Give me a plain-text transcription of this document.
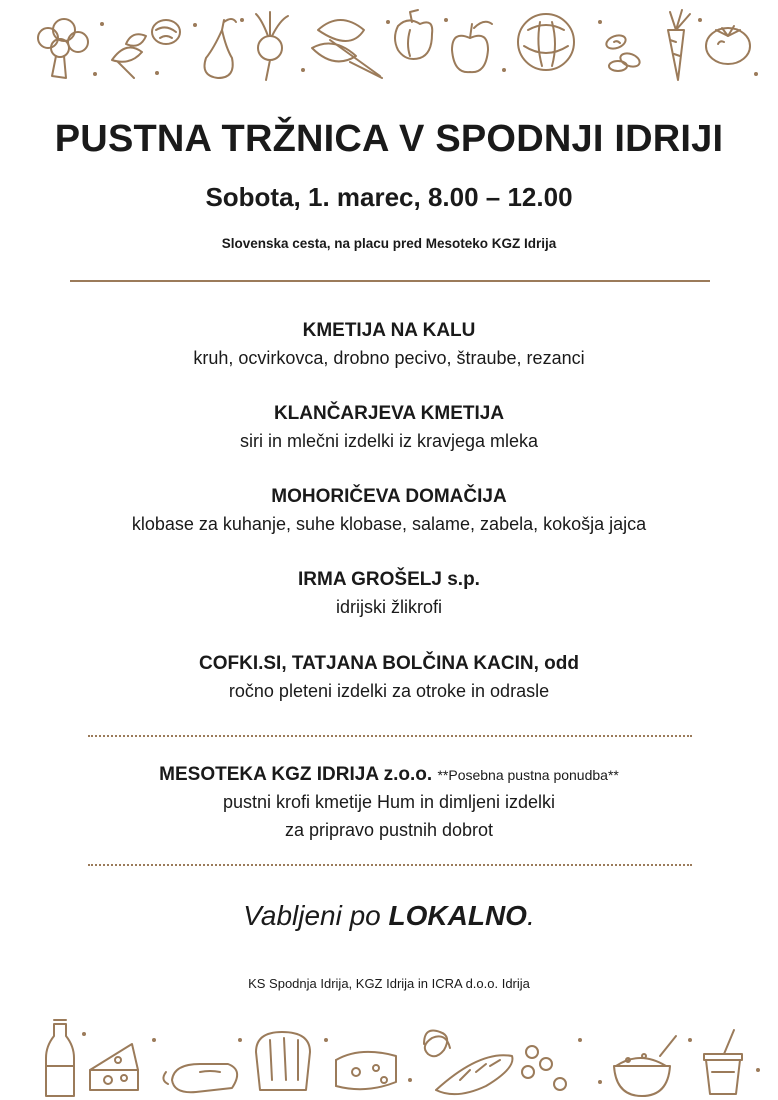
PUSTNA TRŽNICA V SPODNJI IDRIJI
Sobota, 1. marec, 8.00 – 12.00
Slovenska cesta, na placu pred Mesoteko KGZ Idrija
KMETIJA NA KALU
kruh, ocvirkovca, drobno pecivo, štraube, rezanci
KLANČARJEVA KMETIJA
siri in mlečni izdelki iz kravjega mleka
MOHORIČEVA DOMAČIJA
klobase za kuhanje, suhe klobase, salame, zabela, kokošja jajca
IRMA GROŠELJ s.p.
idrijski žlikrofi
COFKI.SI, TATJANA BOLČINA KACIN, odd
ročno pleteni izdelki za otroke in odrasle
MESOTEKA KGZ IDRIJA z.o.o. **Posebna pustna ponudba**
pustni krofi kmetije Hum in dimljeni izdelki
za pripravo pustnih dobrot
Vabljeni po LOKALNO.
KS Spodnja Idrija, KGZ Idrija in ICRA d.o.o. Idrija
